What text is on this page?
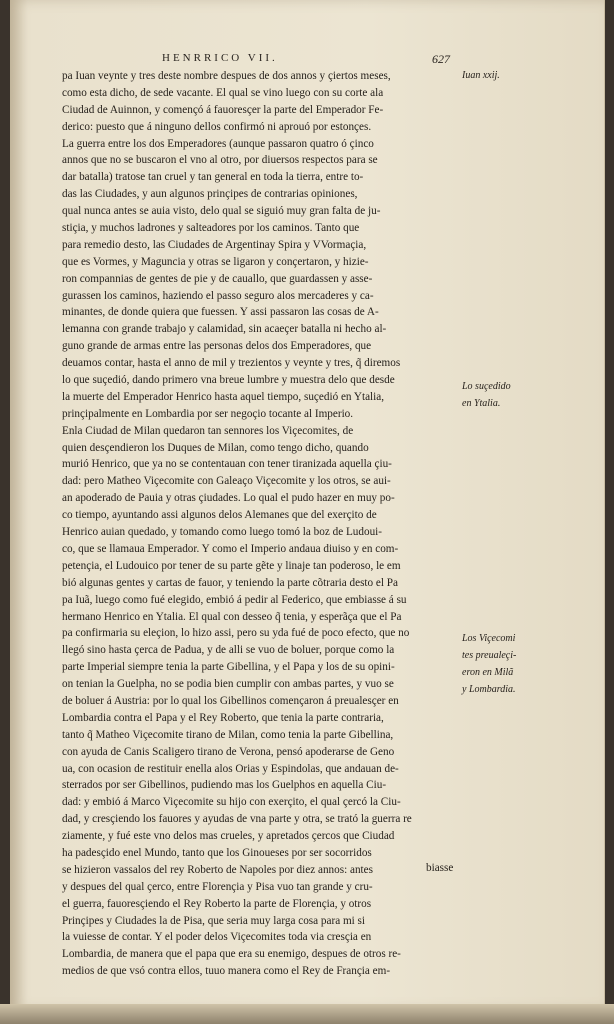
HENRRICO VII.	627
pa Iuan veynte y tres deste nombre despues de dos annos y çiertos meses,
como esta dicho, de sede vacante. El qual se vino luego con su corte ala
Ciudad de Auinnon, y començó á fauoresçer la parte del Emperador Fe-
derico: puesto que á ninguno dellos confirmó ni aprouó por estonçes.
La guerra entre los dos Emperadores (aunque passaron quatro ó çinco
annos que no se buscaron el vno al otro, por diuersos respectos para se
dar batalla) tratose tan cruel y tan general en toda la tierra, entre to-
das las Ciudades, y aun algunos prinçipes de contrarias opiniones,
qual nunca antes se auia visto, delo qual se siguió muy gran falta de ju-
stiçia, y muchos ladrones y salteadores por los caminos. Tanto que
para remedio desto, las Ciudades de Argentinay Spira y VVormaçia,
que es Vormes, y Maguncia y otras se ligaron y conçertaron, y hizie-
ron compannias de gentes de pie y de cauallo, que guardassen y asse-
gurassen los caminos, haziendo el passo seguro alos mercaderes y ca-
minantes, de donde quiera que fuessen. Y assi passaron las cosas de A-
lemanna con grande trabajo y calamidad, sin acaeçer batalla ni hecho al-
guno grande de armas entre las personas delos dos Emperadores, que
deuamos contar, hasta el anno de mil y trezientos y veynte y tres, q̃ diremos
lo que suçedió, dando primero vna breue lumbre y muestra delo que desde
la muerte del Emperador Henrico hasta aquel tiempo, suçedió en Ytalia,
prinçipalmente en Lombardia por ser negoçio tocante al Imperio.
Enla Ciudad de Milan quedaron tan sennores los Viçecomites, de
quien desçendieron los Duques de Milan, como tengo dicho, quando
murió Henrico, que ya no se contentauan con tener tiranizada aquella çiu-
dad: pero Matheo Viçecomite con Galeaço Viçecomite y los otros, se aui-
an apoderado de Pauia y otras çiudades. Lo qual el pudo hazer en muy po-
co tiempo, ayuntando assi algunos delos Alemanes que del exerçito de
Henrico auian quedado, y tomando como luego tomó la boz de Ludoui-
co, que se llamaua Emperador. Y como el Imperio andaua diuiso y en com-
petençia, el Ludouico por tener de su parte gẽte y linaje tan poderoso, le em
bió algunas gentes y cartas de fauor, y teniendo la parte cõtraria desto el Pa
pa Iuã, luego como fué elegido, embió á pedir al Federico, que embiasse á su
hermano Henrico en Ytalia. El qual con desseo q̃ tenia, y esperãça que el Pa
pa confirmaria su eleçion, lo hizo assi, pero su yda fué de poco efecto, que no
llegó sino hasta çerca de Padua, y de alli se vuo de boluer, porque como la
parte Imperial siempre tenia la parte Gibellina, y el Papa y los de su opini-
on tenian la Guelpha, no se podia bien cumplir con ambas partes, y vuo se
de boluer á Austria: por lo qual los Gibellinos començaron á preualesçer en
Lombardia contra el Papa y el Rey Roberto, que tenia la parte contraria,
tanto q̃ Matheo Viçecomite tirano de Milan, como tenia la parte Gibellina,
con ayuda de Canis Scaligero tirano de Verona, pensó apoderarse de Geno
ua, con ocasion de restituir enella alos Orias y Espindolas, que andauan de-
sterrados por ser Gibellinos, pudiendo mas los Guelphos en aquella Ciu-
dad: y embió á Marco Viçecomite su hijo con exerçito, el qual çercó la Ciu-
dad, y cresçiendo los fauores y ayudas de vna parte y otra, se trató la guerra re
ziamente, y fué este vno delos mas crueles, y apretados çercos que Ciudad
ha padesçido enel Mundo, tanto que los Ginoueses por ser socorridos
se hizieron vassalos del rey Roberto de Napoles por diez annos: antes
y despues del qual çerco, entre Florençia y Pisa vuo tan grande y cru-
el guerra, fauoresçiendo el Rey Roberto la parte de Florençia, y otros
Prinçipes y Ciudades la de Pisa, que seria muy larga cosa para mi si
la vuiesse de contar. Y el poder delos Viçecomites toda via cresçia en
Lombardia, de manera que el papa que era su enemigo, despues de otros re-
medios de que vsó contra ellos, tuuo manera como el Rey de Françia em-
Iuan xxij.
Lo suçedido
en Ytalia.
Los Viçecomi
tes preualeçi-
eron en Milã
y Lombardia.
biasse
